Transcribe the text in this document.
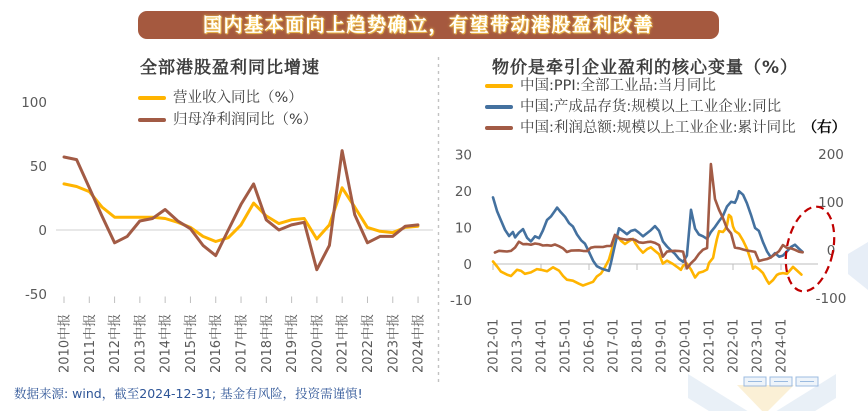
2010中报 2011中报 2012中报 2013中报 2014中报 2015中报 2016中报 2017中报 2018中报 2019中报 2020中报 2021中报 2022中报 2023中报 2024中报
100
50
0
-50
2012-01 2013-01 2014-01 2015-01 2016-01 2017-01 2018-01 2019-01 2020-01 2021-01 2022-01 2023-01 2024-01
30
20
10
0
-10
200
100
0
-100
国内基本面向上趋势确立，有望带动港股盈利改善
全部港股盈利同比增速
营业收入同比（%）
归母净利润同比（%）
物价是牵引企业盈利的核心变量（%）
中国:PPI:全部工业品:当月同比
中国:产成品存货:规模以上工业企业:同比
中国:利润总额:规模以上工业企业:累计同比 （右）
数据来源: wind，截至2024-12-31; 基金有风险，投资需谨慎!
